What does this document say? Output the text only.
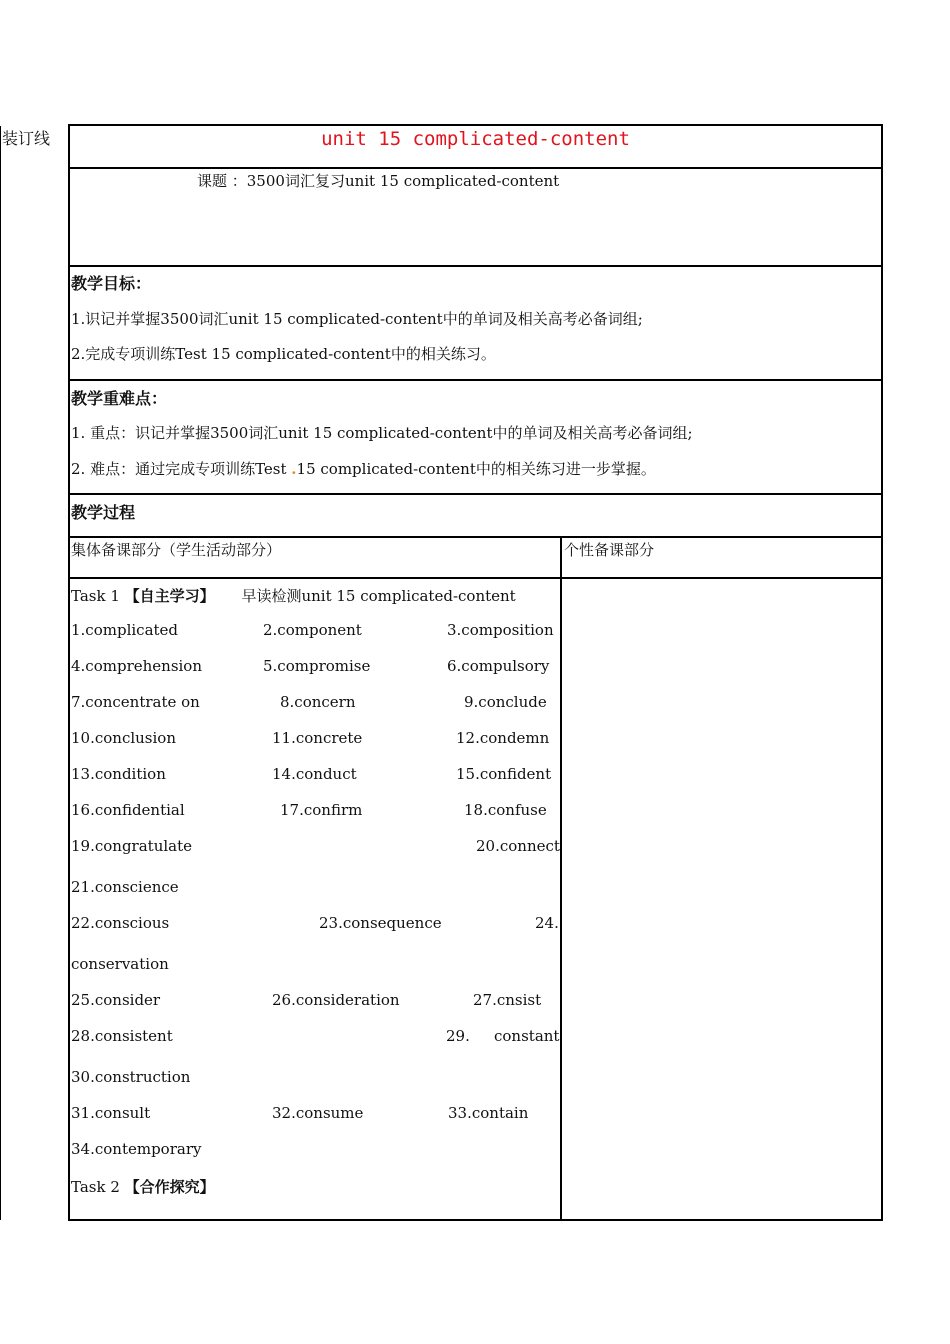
装订线	unit 15 complicated-content
课题 ：3500词汇复习unit 15 complicated-content
教学目标：
1.识记并掌握3500词汇unit 15 complicated-content中的单词及相关高考必备词组;
2.完成专项训练Test 15 complicated-content中的相关练习。
教学重难点：
1. 重点：识记并掌握3500词汇unit 15 complicated-content中的单词及相关高考必备词组;
2. 难点：通过完成专项训练Test .15 complicated-content中的相关练习进一步掌握。
教学过程
集体备课部分（学生活动部分）	个性备课部分
Task 1 【自主学习】 早读检测unit 15 complicated-content
1.complicated	2.component	3.composition
4.comprehension	5.compromise	6.compulsory
7.concentrate on	8.concern	9.conclude
10.conclusion	11.concrete	12.condemn
13.condition	14.conduct	15.confident
16.confidential	17.confirm	18.confuse
19.congratulate	20.connect
21.conscience
22.conscious	23.consequence	24.
conservation
25.consider	26.consideration	27.cnsist
28.consistent	29. constant
30.construction
31.consult	32.consume	33.contain
34.contemporary
Task 2 【合作探究】
